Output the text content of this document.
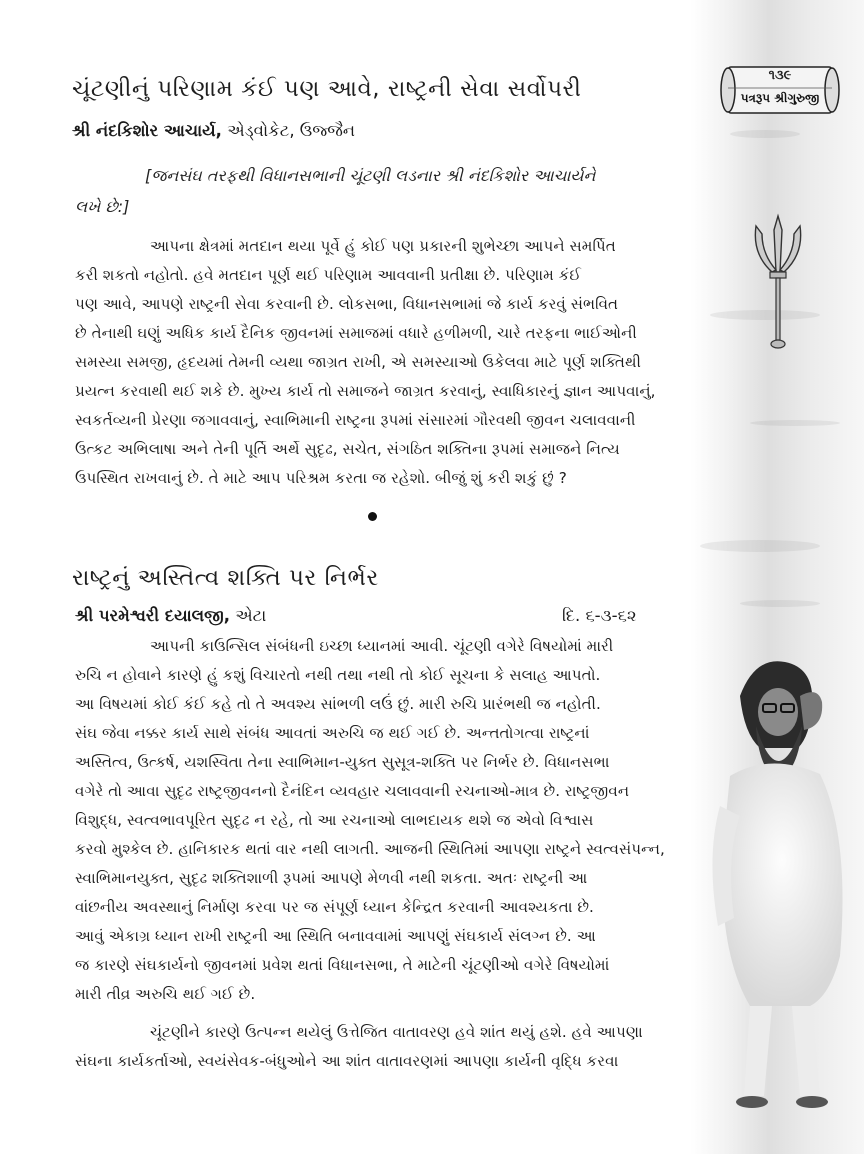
૧૩૯
પત્રરૂપ શ્રીગુરુજી
ચૂંટણીનું પરિણામ કંઈ પણ આવે, રાષ્ટ્રની સેવા સર્વોપરી
શ્રી નંદકિશોર આચાર્ય, એડ્વોકેટ, ઉજ્જૈન
[જનસંઘ તરફથી વિધાનસભાની ચૂંટણી લડનાર શ્રી નંદકિશોર આચાર્યને
લખે છે:]
આપના ક્ષેત્રમાં મતદાન થયા પૂર્વે હું કોઈ પણ પ્રકારની શુભેચ્છા આપને સમર્પિત
કરી શકતો નહોતો. હવે મતદાન પૂર્ણ થઈ પરિણામ આવવાની પ્રતીક્ષા છે. પરિણામ કંઈ
પણ આવે, આપણે રાષ્ટ્રની સેવા કરવાની છે. લોકસભા, વિધાનસભામાં જે કાર્ય કરવું સંભવિત
છે તેનાથી ઘણું અધિક કાર્ય દૈનિક જીવનમાં સમાજમાં વધારે હળીમળી, ચારે તરફના ભાઈઓની
સમસ્યા સમજી, હૃદયમાં તેમની વ્યથા જાગ્રત રાખી, એ સમસ્યાઓ ઉકેલવા માટે પૂર્ણ શક્તિથી
પ્રયત્ન કરવાથી થઈ શકે છે. મુખ્ય કાર્ય તો સમાજને જાગ્રત કરવાનું, સ્વાધિકારનું જ્ઞાન આપવાનું,
સ્વકર્તવ્યની પ્રેરણા જગાવવાનું, સ્વાભિમાની રાષ્ટ્રના રૂપમાં સંસારમાં ગૌરવથી જીવન ચલાવવાની
ઉત્કટ અભિલાષા અને તેની પૂર્તિ અર્થે સુદૃઢ, સચેત, સંગઠિત શક્તિના રૂપમાં સમાજને નિત્ય
ઉપસ્થિત રાખવાનું છે. તે માટે આપ પરિશ્રમ કરતા જ રહેશો. બીજું શું કરી શકું છું ?
રાષ્ટ્રનું અસ્તિત્વ શક્તિ પર નિર્ભર
શ્રી પરમેશ્વરી દયાલજી, એટા	દિ. ૬-૩-૬૨
આપની કાઉન્સિલ સંબંધની ઇચ્છા ધ્યાનમાં આવી. ચૂંટણી વગેરે વિષયોમાં મારી
રુચિ ન હોવાને કારણે હું કશું વિચારતો નથી તથા નથી તો કોઈ સૂચના કે સલાહ આપતો.
આ વિષયમાં કોઈ કંઈ કહે તો તે અવશ્ય સાંભળી લઉં છું. મારી રુચિ પ્રારંભથી જ નહોતી.
સંઘ જેવા નક્કર કાર્ય સાથે સંબંધ આવતાં અરુચિ જ થઈ ગઈ છે. અન્તતોગત્વા રાષ્ટ્રનાં
અસ્તિત્વ, ઉત્કર્ષ, યશસ્વિતા તેના સ્વાભિમાન-યુક્ત સુસૂત્ર-શક્તિ પર નિર્ભર છે. વિધાનસભા
વગેરે તો આવા સુદૃઢ રાષ્ટ્રજીવનનો દૈનંદિન વ્યવહાર ચલાવવાની રચનાઓ-માત્ર છે. રાષ્ટ્રજીવન
વિશુદ્ધ, સ્વત્વભાવપૂરિત સુદૃઢ ન રહે, તો આ રચનાઓ લાભદાયક થશે જ એવો વિશ્વાસ
કરવો મુશ્કેલ છે. હાનિકારક થતાં વાર નથી લાગતી. આજની સ્થિતિમાં આપણા રાષ્ટ્રને સ્વત્વસંપન્ન,
સ્વાભિમાનયુક્ત, સુદૃઢ શક્તિશાળી રૂપમાં આપણે મેળવી નથી શકતા. અતઃ રાષ્ટ્રની આ
વાંછનીય અવસ્થાનું નિર્માણ કરવા પર જ સંપૂર્ણ ધ્યાન કેન્દ્રિત કરવાની આવશ્યકતા છે.
આવું એકાગ્ર ધ્યાન રાખી રાષ્ટ્રની આ સ્થિતિ બનાવવામાં આપણું સંઘકાર્ય સંલગ્ન છે. આ
જ કારણે સંઘકાર્યનો જીવનમાં પ્રવેશ થતાં વિધાનસભા, તે માટેની ચૂંટણીઓ વગેરે વિષયોમાં
મારી તીવ્ર અરુચિ થઈ ગઈ છે.
ચૂંટણીને કારણે ઉત્પન્ન થયેલું ઉત્તેજિત વાતાવરણ હવે શાંત થયું હશે. હવે આપણા
સંઘના કાર્યકર્તાઓ, સ્વયંસેવક-બંધુઓને આ શાંત વાતાવરણમાં આપણા કાર્યની વૃદ્ધિ કરવા
